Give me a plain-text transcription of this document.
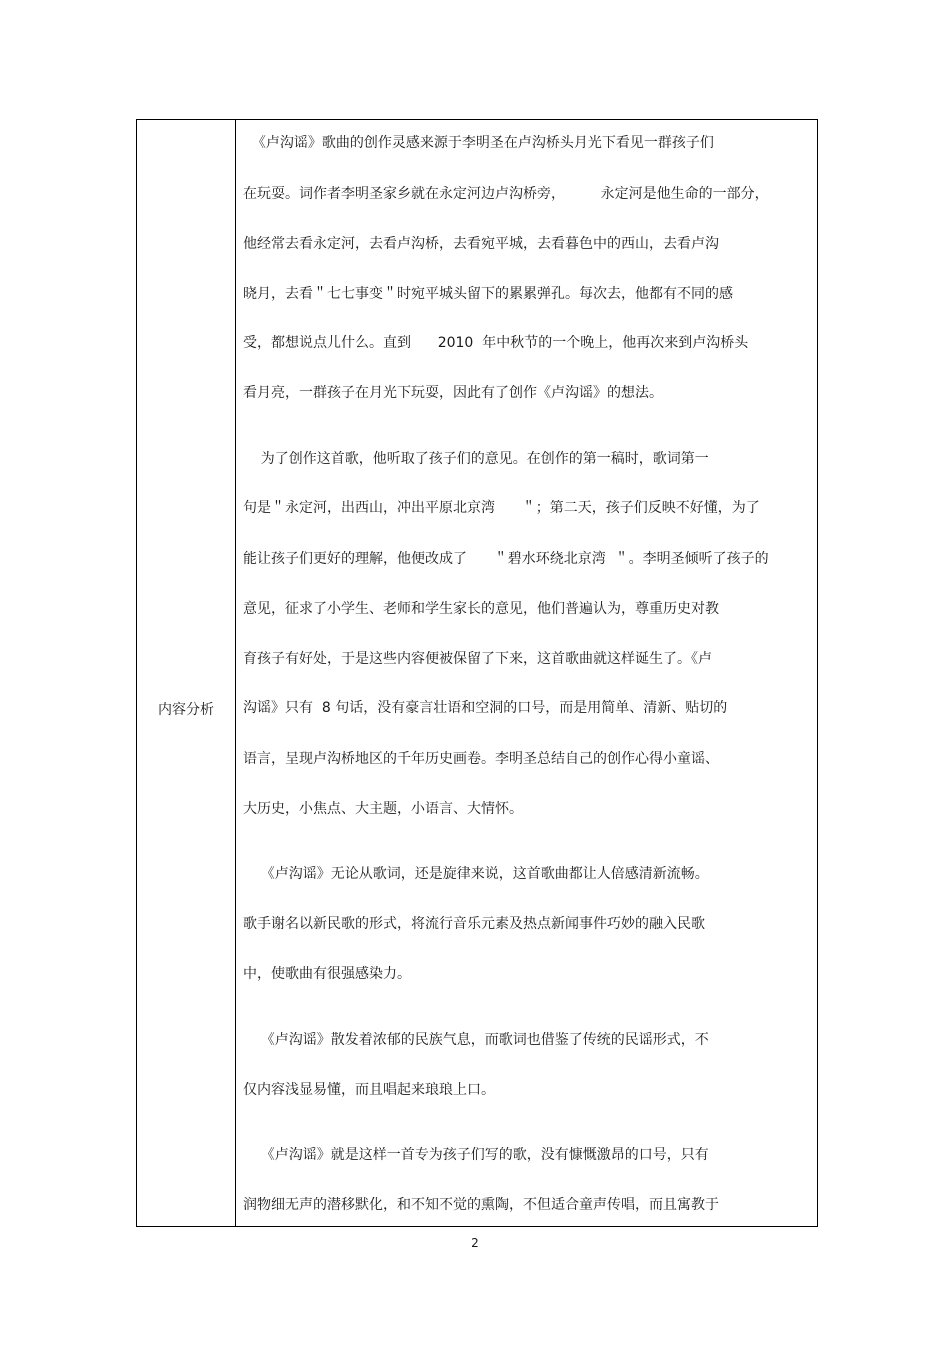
内容分析
《卢沟谣》歌曲的创作灵感来源于李明圣在卢沟桥头月光下看见一群孩子们
在玩耍。词作者李明圣家乡就在永定河边卢沟桥旁，        永定河是他生命的一部分，
他经常去看永定河，去看卢沟桥，去看宛平城，去看暮色中的西山，去看卢沟
晓月，去看＂七七事变＂时宛平城头留下的累累弹孔。每次去，他都有不同的感
受，都想说点儿什么。直到      2010  年中秋节的一个晚上，他再次来到卢沟桥头
看月亮，一群孩子在月光下玩耍，因此有了创作《卢沟谣》的想法。
为了创作这首歌，他听取了孩子们的意见。在创作的第一稿时，歌词第一
句是＂永定河，出西山，冲出平原北京湾      ＂；第二天，孩子们反映不好懂，为了
能让孩子们更好的理解，他便改成了      ＂碧水环绕北京湾  ＂。李明圣倾听了孩子的
意见，征求了小学生、老师和学生家长的意见，他们普遍认为，尊重历史对教
育孩子有好处，于是这些内容便被保留了下来，这首歌曲就这样诞生了。《卢
沟谣》只有  8 句话，没有豪言壮语和空洞的口号，而是用简单、清新、贴切的
语言，呈现卢沟桥地区的千年历史画卷。李明圣总结自己的创作心得小童谣、
大历史，小焦点、大主题，小语言、大情怀。
《卢沟谣》无论从歌词，还是旋律来说，这首歌曲都让人倍感清新流畅。
歌手谢名以新民歌的形式，将流行音乐元素及热点新闻事件巧妙的融入民歌
中，使歌曲有很强感染力。
《卢沟谣》散发着浓郁的民族气息，而歌词也借鉴了传统的民谣形式，不
仅内容浅显易懂，而且唱起来琅琅上口。
《卢沟谣》就是这样一首专为孩子们写的歌，没有慷慨激昂的口号，只有
润物细无声的潜移默化，和不知不觉的熏陶，不但适合童声传唱，而且寓教于
2
